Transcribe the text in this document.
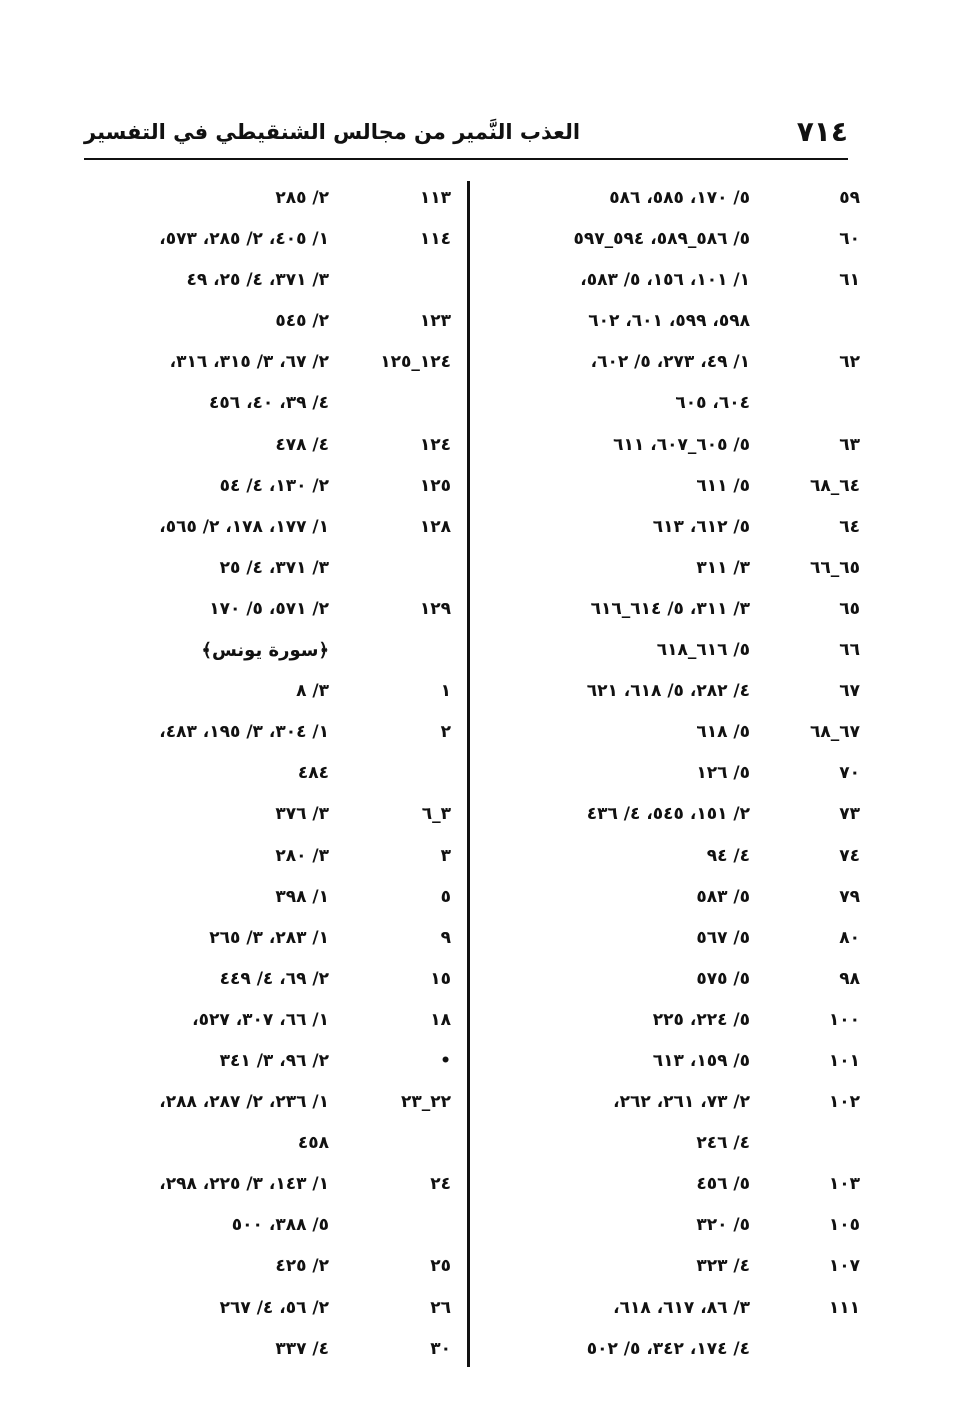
٧١٤
العذب النَّمير من مجالس الشنقيطي في التفسير
٥٩
٥/ ١٧٠، ٥٨٥، ٥٨٦
٦٠
٥/ ٥٨٦_٥٨٩، ٥٩٤_٥٩٧
٦١
١/ ١٠١، ١٥٦، ٥/ ٥٨٣،
٥٩٨، ٥٩٩، ٦٠١، ٦٠٢
٦٢
١/ ٤٩، ٢٧٣، ٥/ ٦٠٢،
٦٠٤، ٦٠٥
٦٣
٥/ ٦٠٥_٦٠٧، ٦١١
٦٤_٦٨
٥/ ٦١١
٦٤
٥/ ٦١٢، ٦١٣
٦٥_٦٦
٣/ ٣١١
٦٥
٣/ ٣١١، ٥/ ٦١٤_٦١٦
٦٦
٥/ ٦١٦_٦١٨
٦٧
٤/ ٢٨٢، ٥/ ٦١٨، ٦٢١
٦٧_٦٨
٥/ ٦١٨
٧٠
٥/ ١٢٦
٧٣
٢/ ١٥١، ٥٤٥، ٤/ ٤٣٦
٧٤
٤/ ٩٤
٧٩
٥/ ٥٨٣
٨٠
٥/ ٥٦٧
٩٨
٥/ ٥٧٥
١٠٠
٥/ ٢٢٤، ٢٢٥
١٠١
٥/ ١٥٩، ٦١٣
١٠٢
٢/ ٧٣، ٢٦١، ٢٦٢،
٤/ ٢٤٦
١٠٣
٥/ ٤٥٦
١٠٥
٥/ ٣٢٠
١٠٧
٤/ ٣٢٣
١١١
٣/ ٨٦، ٦١٧، ٦١٨،
٤/ ١٧٤، ٣٤٢، ٥/ ٥٠٢
١١٣
٢/ ٢٨٥
١١٤
١/ ٤٠٥، ٢/ ٢٨٥، ٥٧٣،
٣/ ٣٧١، ٤/ ٢٥، ٤٩
١٢٣
٢/ ٥٤٥
١٢٤_١٢٥
٢/ ٦٧، ٣/ ٣١٥، ٣١٦،
٤/ ٣٩، ٤٠، ٤٥٦
١٢٤
٤/ ٤٧٨
١٢٥
٢/ ١٣٠، ٤/ ٥٤
١٢٨
١/ ١٧٧، ١٧٨، ٢/ ٥٦٥،
٣/ ٣٧١، ٤/ ٢٥
١٢٩
٢/ ٥٧١، ٥/ ١٧٠
﴿سورة يونس﴾
١
٣/ ٨
٢
١/ ٣٠٤، ٣/ ١٩٥، ٤٨٣،
٤٨٤
٣_٦
٣/ ٣٧٦
٣
٣/ ٢٨٠
٥
١/ ٣٩٨
٩
١/ ٢٨٣، ٣/ ٢٦٥
١٥
٢/ ٦٩، ٤/ ٤٤٩
١٨
١/ ٦٦، ٣٠٧، ٥٢٧،
•
٢/ ٩٦، ٣/ ٣٤١
٢٢_٢٣
١/ ٢٣٦، ٢/ ٢٨٧، ٢٨٨،
٤٥٨
٢٤
١/ ١٤٣، ٣/ ٢٢٥، ٢٩٨،
٥/ ٣٨٨، ٥٠٠
٢٥
٢/ ٤٢٥
٢٦
٢/ ٥٦، ٤/ ٢٦٧
٣٠
٤/ ٣٣٧
